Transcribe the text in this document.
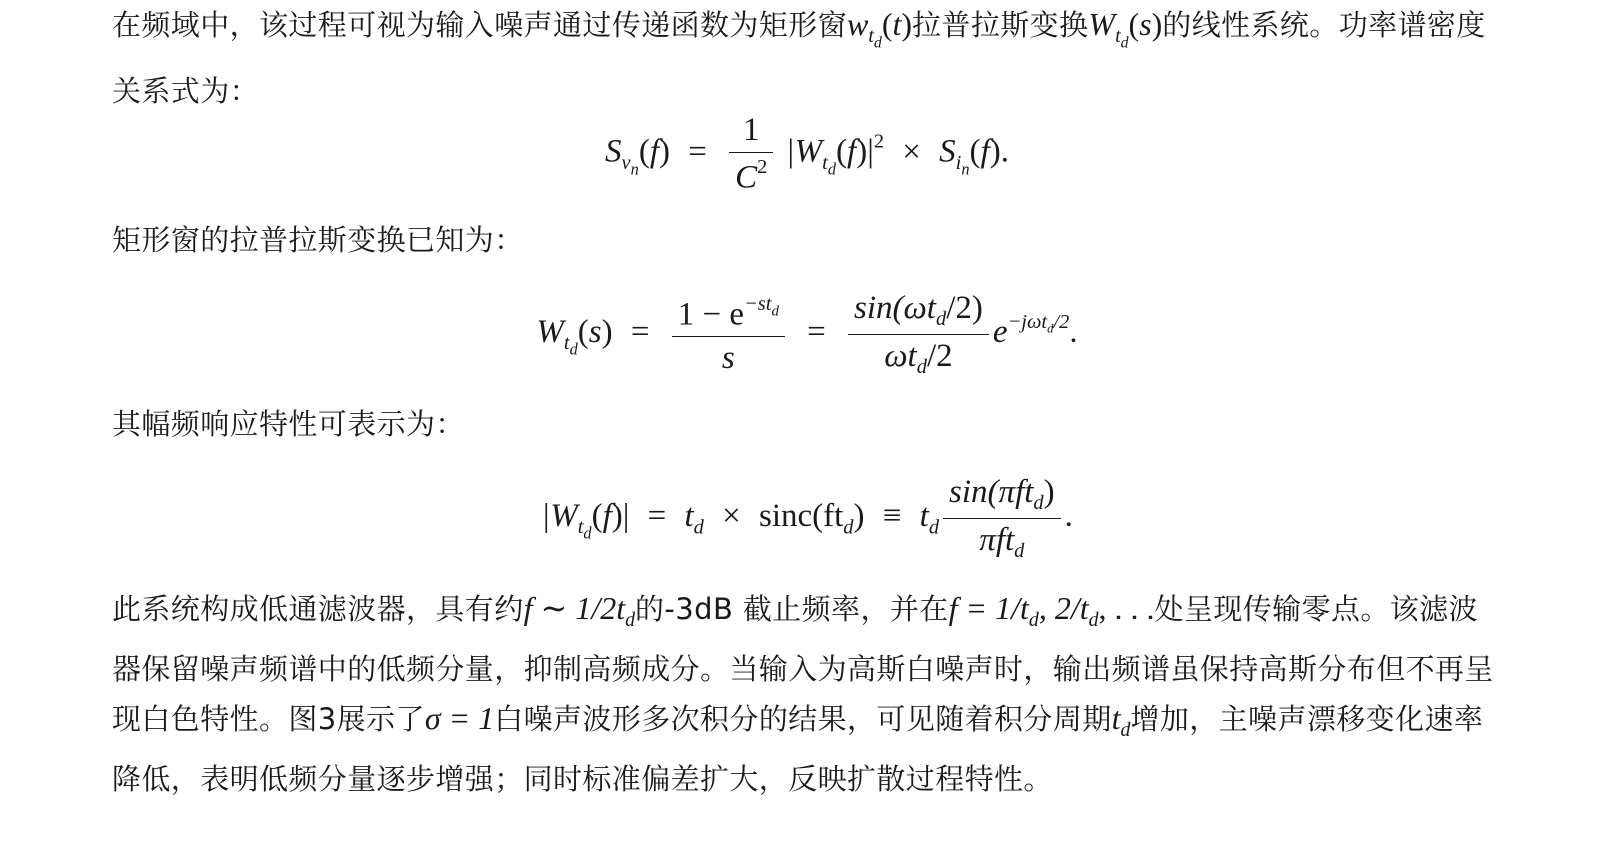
在频域中，该过程可视为输入噪声通过传递函数为矩形窗$w_{t_d}(t)$拉普拉斯变换$W_{t_d}(s)$的线性系统。功率谱密度关系式为：
$S_{v_n}(f) = \frac{1}{C^2} |W_{t_d}(f)|^2 \times S_{i_n}(f)$.
矩形窗的拉普拉斯变换已知为：
$W_{t_d}(s) = \frac{1 - e^{-std}}{s} = \frac{\sin(\omega t_d/2)}{\omega t_d/2} e^{-j\omega t_d/2}$.
其幅频响应特性可表示为：
$|W_{t_d}(f)| = t_d \times \sin c(ft_d) \equiv t_d \frac{\sin(\pi ft_d)}{\pi ft_d}$ .
此系统构成低通滤波器，具有约f ∼ $1/2t_d$的-3dB 截止频率，并在$f = 1/t_d$, $2/t_d$, . . .处呈现传输零点。该滤波器保留噪声频谱中的低频分量，抑制高频成分。当输入为高斯白噪声时，输出频谱虽保持高斯分布但不再呈现白色特性。图3展示了σ = 1白噪声波形多次积分的结果，可见随着积分周期$t_d$增加，主噪声漂移变化速率降低，表明低频分量逐步增强；同时标准偏差扩大，反映扩散过程特性。
